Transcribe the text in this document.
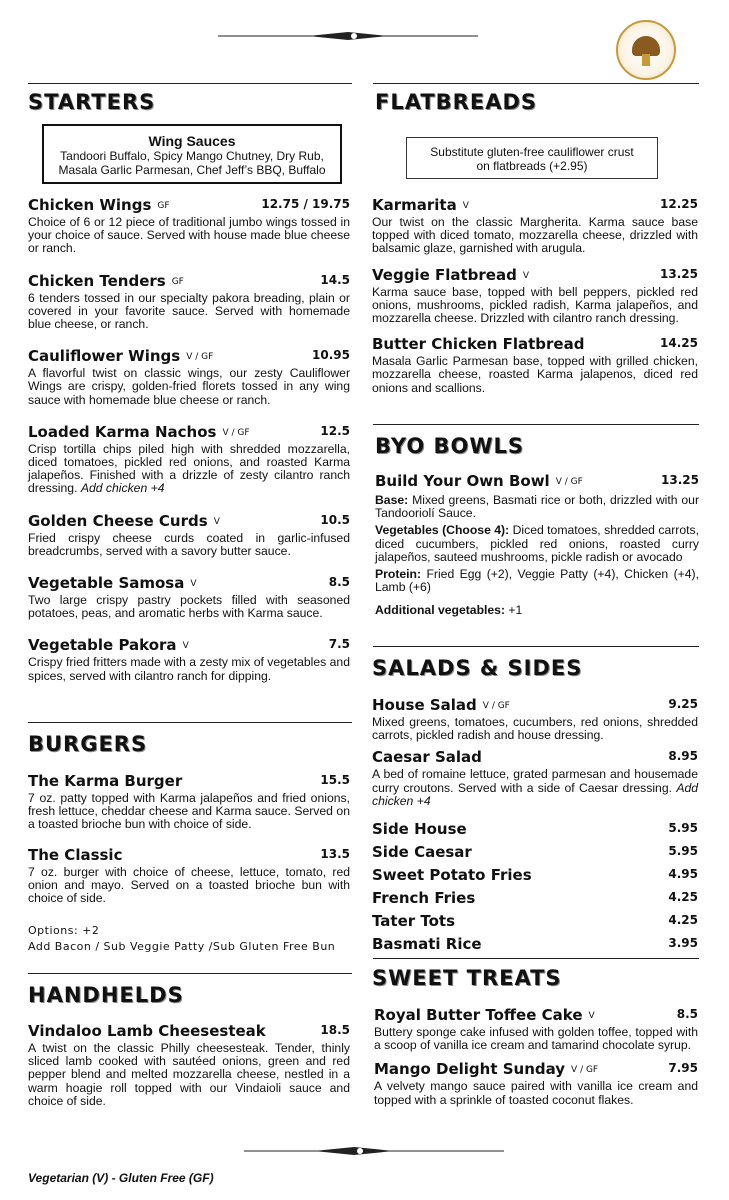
STARTERS
Wing Sauces
Tandoori Buffalo, Spicy Mango Chutney, Dry Rub,
Masala Garlic Parmesan, Chef Jeff’s BBQ, Buffalo
Chicken Wings GF	12.75 / 19.75

Choice of 6 or 12 piece of traditional jumbo wings tossed in your choice of sauce. Served with house made blue cheese or ranch.

Chicken Tenders GF	14.5

6 tenders tossed in our specialty pakora breading, plain or covered in your favorite sauce. Served with homemade blue cheese, or ranch.

Cauliflower Wings V / GF	10.95

A flavorful twist on classic wings, our zesty Cauliflower Wings are crispy, golden-fried florets tossed in any wing sauce with homemade blue cheese or ranch.

Loaded Karma Nachos V / GF	12.5

Crisp tortilla chips piled high with shredded mozzarella, diced tomatoes, pickled red onions, and roasted Karma jalapeños. Finished with a drizzle of zesty cilantro ranch dressing. Add chicken +4

Golden Cheese Curds V	10.5

Fried crispy cheese curds coated in garlic-infused breadcrumbs, served with a savory butter sauce.

Vegetable Samosa V	8.5

Two large crispy pastry pockets filled with seasoned potatoes, peas, and aromatic herbs with Karma sauce.

Vegetable Pakora V	7.5

Crispy fried fritters made with a zesty mix of vegetables and spices, served with cilantro ranch for dipping.

BURGERS
The Karma Burger	15.5

7 oz. patty topped with Karma jalapeños and fried onions, fresh lettuce, cheddar cheese and Karma sauce. Served on a toasted brioche bun with choice of side.

The Classic	13.5

7 oz. burger with choice of cheese, lettuce, tomato, red onion and mayo. Served on a toasted brioche bun with choice of side.

Options: +2
Add Bacon / Sub Veggie Patty /Sub Gluten Free Bun
HANDHELDS
Vindaloo Lamb Cheesesteak	18.5

A twist on the classic Philly cheesesteak. Tender, thinly sliced lamb cooked with sautéed onions, green and red pepper blend and melted mozzarella cheese, nestled in a warm hoagie roll topped with our Vindaioli sauce and choice of side.

FLATBREADS
Substitute gluten-free cauliflower crust
on flatbreads (+2.95)
Karmarita V	12.25

Our twist on the classic Margherita. Karma sauce base topped with diced tomato, mozzarella cheese, drizzled with balsamic glaze, garnished with arugula.

Veggie Flatbread V	13.25

Karma sauce base, topped with bell peppers, pickled red onions, mushrooms, pickled radish, Karma jalapeños, and mozzarella cheese. Drizzled with cilantro ranch dressing.

Butter Chicken Flatbread	14.25

Masala Garlic Parmesan base, topped with grilled chicken, mozzarella cheese, roasted Karma jalapenos, diced red onions and scallions.

BYO BOWLS
Build Your Own Bowl V / GF	13.25

Base: Mixed greens, Basmati rice or both, drizzled with our Tandooriolí Sauce.

Vegetables (Choose 4): Diced tomatoes, shredded carrots, diced cucumbers, pickled red onions, roasted curry jalapeños, sauteed mushrooms, pickle radish or avocado

Protein: Fried Egg (+2), Veggie Patty (+4), Chicken (+4), Lamb (+6)

Additional vegetables: +1

SALADS & SIDES
House Salad V / GF	9.25

Mixed greens, tomatoes, cucumbers, red onions, shredded carrots, pickled radish and house dressing.

Caesar Salad	8.95

A bed of romaine lettuce, grated parmesan and housemade curry croutons. Served with a side of Caesar dressing. Add chicken +4

Side House	5.95
Side Caesar	5.95
Sweet Potato Fries	4.95
French Fries	4.25
Tater Tots	4.25
Basmati Rice	3.95
SWEET TREATS
Royal Butter Toffee Cake V	8.5

Buttery sponge cake infused with golden toffee, topped with a scoop of vanilla ice cream and tamarind chocolate syrup.

Mango Delight Sunday V / GF	7.95

A velvety mango sauce paired with vanilla ice cream and topped with a sprinkle of toasted coconut flakes.

Vegetarian (V) - Gluten Free (GF)
